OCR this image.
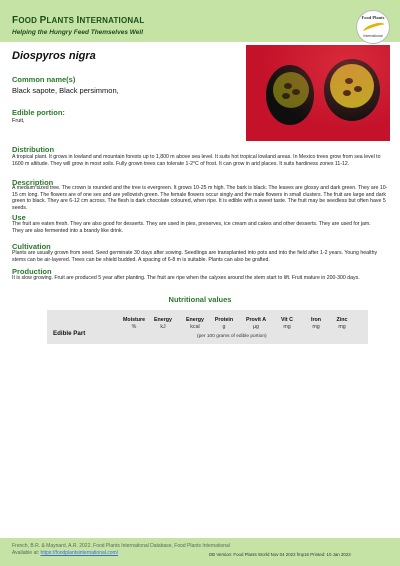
FOOD PLANTS INTERNATIONAL
Helping the Hungry Feed Themselves Well
Food Plants
International
Diospyros nigra
Common name(s)
Black sapote, Black persimmon,
Edible portion:
Fruit,
Distribution
A tropical plant. It grows in lowland and mountain forests up to 1,800 m above sea level. It suits hot tropical lowland areas. In Mexico trees grow from sea level to 1600 m altitude. They will grow in most soils. Fully grown trees can tolerate 1-2°C of frost. It can grow in arid places. It suits hardiness zones 11-12.
Description
A medium sized tree. The crown is rounded and the tree is evergreen. It grows 10-25 m high. The bark is black. The leaves are glossy and dark green. They are 10-15 cm long. The flowers are of one sex and are yellowish green. The female flowers occur singly and the male flowers in small clusters. The fruit are large and dark green to black. They are 6-12 cm across. The flesh is dark chocolate coloured, when ripe. It is edible with a sweet taste. The fruit may be seedless but often have 5 seeds.
Use
The fruit are eaten fresh. They are also good for desserts. They are used in pies, preserves, ice cream and cakes and other desserts. They are used for jam.
They are also fermented into a brandy like drink.
Cultivation
Plants are usually grown from seed. Seed germinate 30 days after sowing. Seedlings are transplanted into pots and into the field after 1-2 years. Young healthy stems can be air-layered. Trees can be shield budded. A spacing of 6-8 m is suitable. Plants can also be grafted.
Production
It is slow growing. Fruit are produced 5 year after planting. The fruit are ripe when the calyxes around the stem start to lift. Fruit mature in 200-300 days.
Nutritional values
Moisture
%
Energy
kJ
Energy
kcal
Protein
g
Provit A
µg
Vit C
mg
Iron
mg
Zinc
mg
Edible Part	(per 100 grams of edible portion)
French, B.R. & Maynard, A.R. 2022. Food Plants International Database, Food Plants International
Available at: https://foodplantsinternational.com/	DB Version: Food Plants World Nov 04 2022 fmp16 Printed: 10 Jan 2023
